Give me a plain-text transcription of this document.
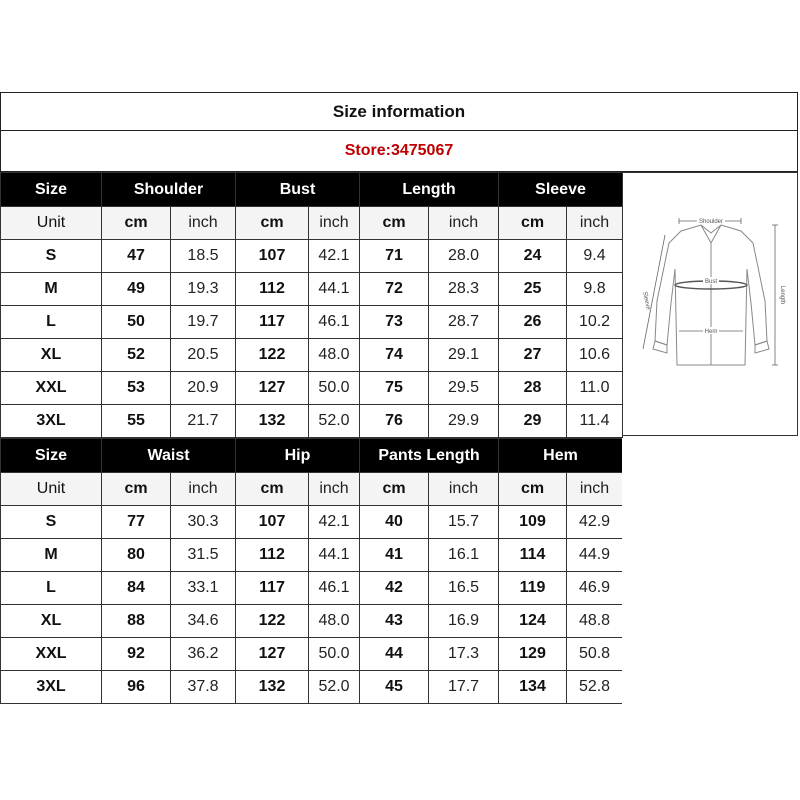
Size information
Store:3475067
Size	Shoulder		Bust		Length		Sleeve	
Unit	cm	inch	cm	inch	cm	inch	cm	inch
S	47	18.5	107	42.1	71	28.0	24	9.4
M	49	19.3	112	44.1	72	28.3	25	9.8
L	50	19.7	117	46.1	73	28.7	26	10.2
XL	52	20.5	122	48.0	74	29.1	27	10.6
XXL	53	20.9	127	50.0	75	29.5	28	11.0
3XL	55	21.7	132	52.0	76	29.9	29	11.4
Size	Waist		Hip		Pants Length		Hem	
Unit	cm	inch	cm	inch	cm	inch	cm	inch
S	77	30.3	107	42.1	40	15.7	109	42.9
M	80	31.5	112	44.1	41	16.1	114	44.9
L	84	33.1	117	46.1	42	16.5	119	46.9
XL	88	34.6	122	48.0	43	16.9	124	48.8
XXL	92	36.2	127	50.0	44	17.3	129	50.8
3XL	96	37.8	132	52.0	45	17.7	134	52.8
Shoulder
Bust
Hem
Sleeve	Length
